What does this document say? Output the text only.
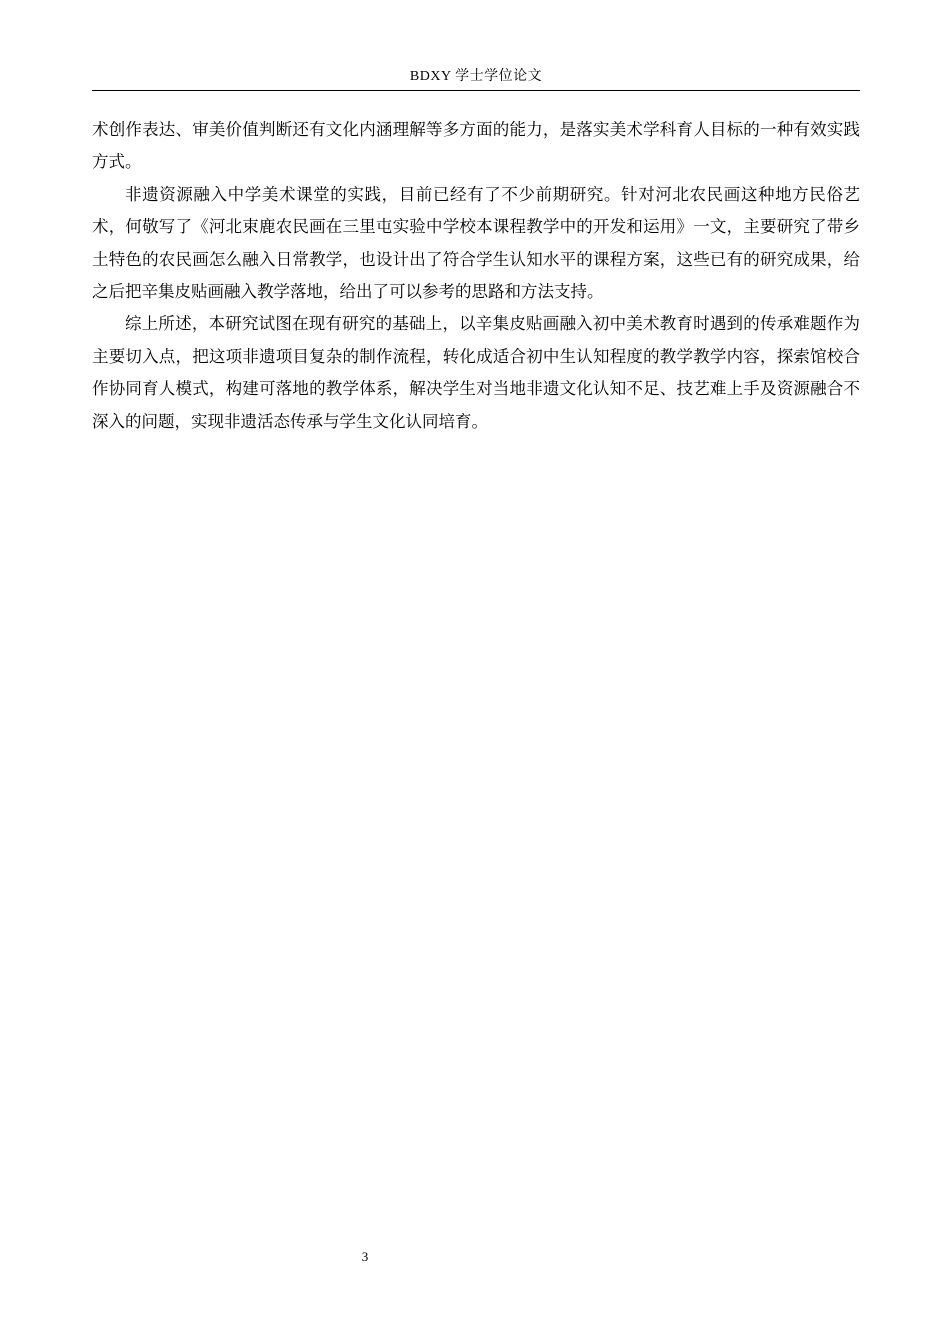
BDXY 学士学位论文

术创作表达、审美价值判断还有文化内涵理解等多方面的能力，是落实美术学科育人目标的一种有效实践方式。

非遗资源融入中学美术课堂的实践，目前已经有了不少前期研究。针对河北农民画这种地方民俗艺术，何敬写了《河北束鹿农民画在三里屯实验中学校本课程教学中的开发和运用》一文，主要研究了带乡土特色的农民画怎么融入日常教学，也设计出了符合学生认知水平的课程方案，这些已有的研究成果，给之后把辛集皮贴画融入教学落地，给出了可以参考的思路和方法支持。

综上所述，本研究试图在现有研究的基础上，以辛集皮贴画融入初中美术教育时遇到的传承难题作为主要切入点，把这项非遗项目复杂的制作流程，转化成适合初中生认知程度的教学教学内容，探索馆校合作协同育人模式，构建可落地的教学体系，解决学生对当地非遗文化认知不足、技艺难上手及资源融合不深入的问题，实现非遗活态传承与学生文化认同培育。

3
